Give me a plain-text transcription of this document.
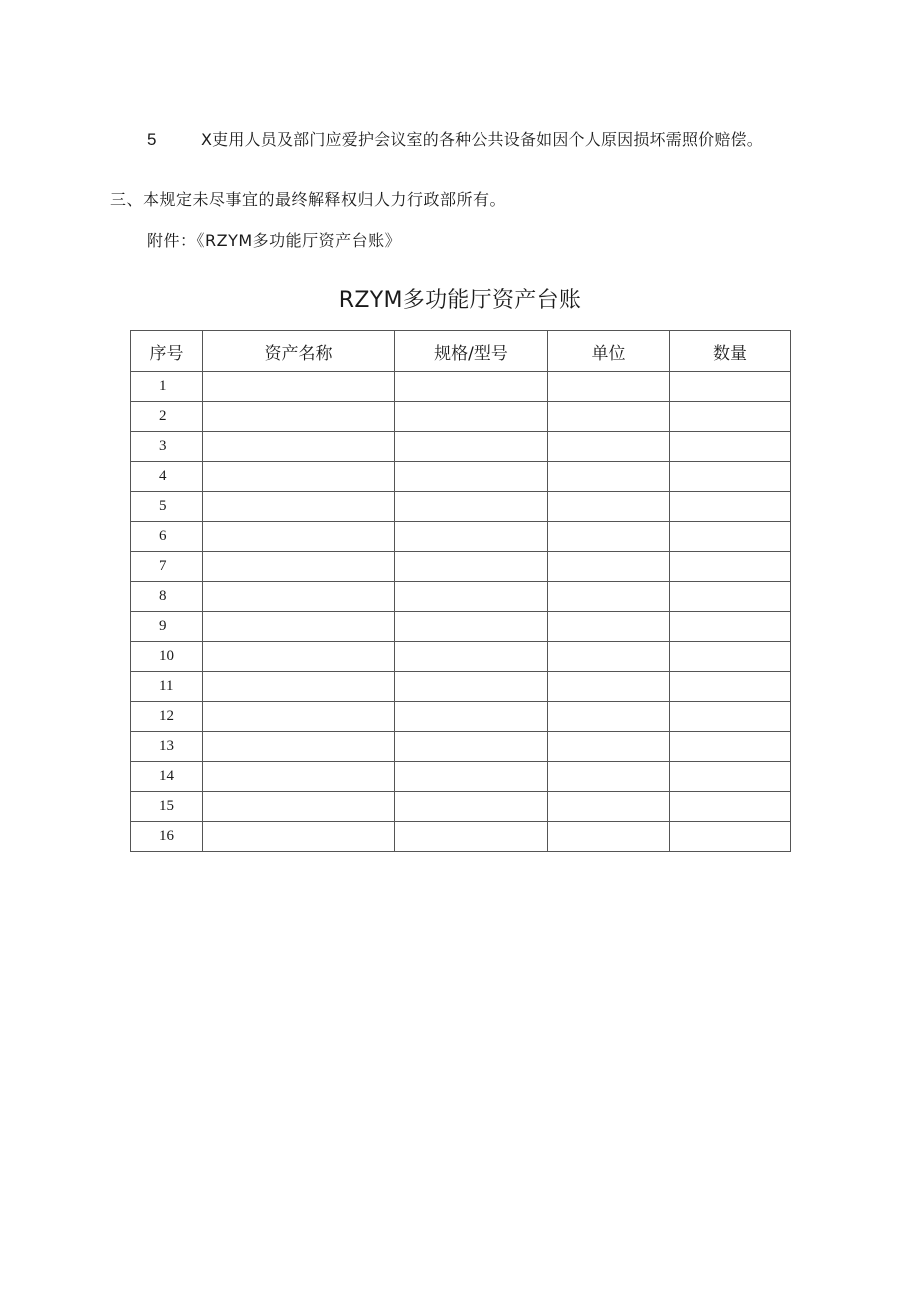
5	X吏用人员及部门应爱护会议室的各种公共设备如因个人原因损坏需照价赔偿。
三、本规定未尽事宜的最终解释权归人力行政部所有。
附件：《RZYM多功能厅资产台账》
RZYM多功能厅资产台账
序号	资产名称	规格/型号	单位	数量
1				
2				
3				
4				
5				
6				
7				
8				
9				
10				
11				
12				
13				
14				
15				
16				
